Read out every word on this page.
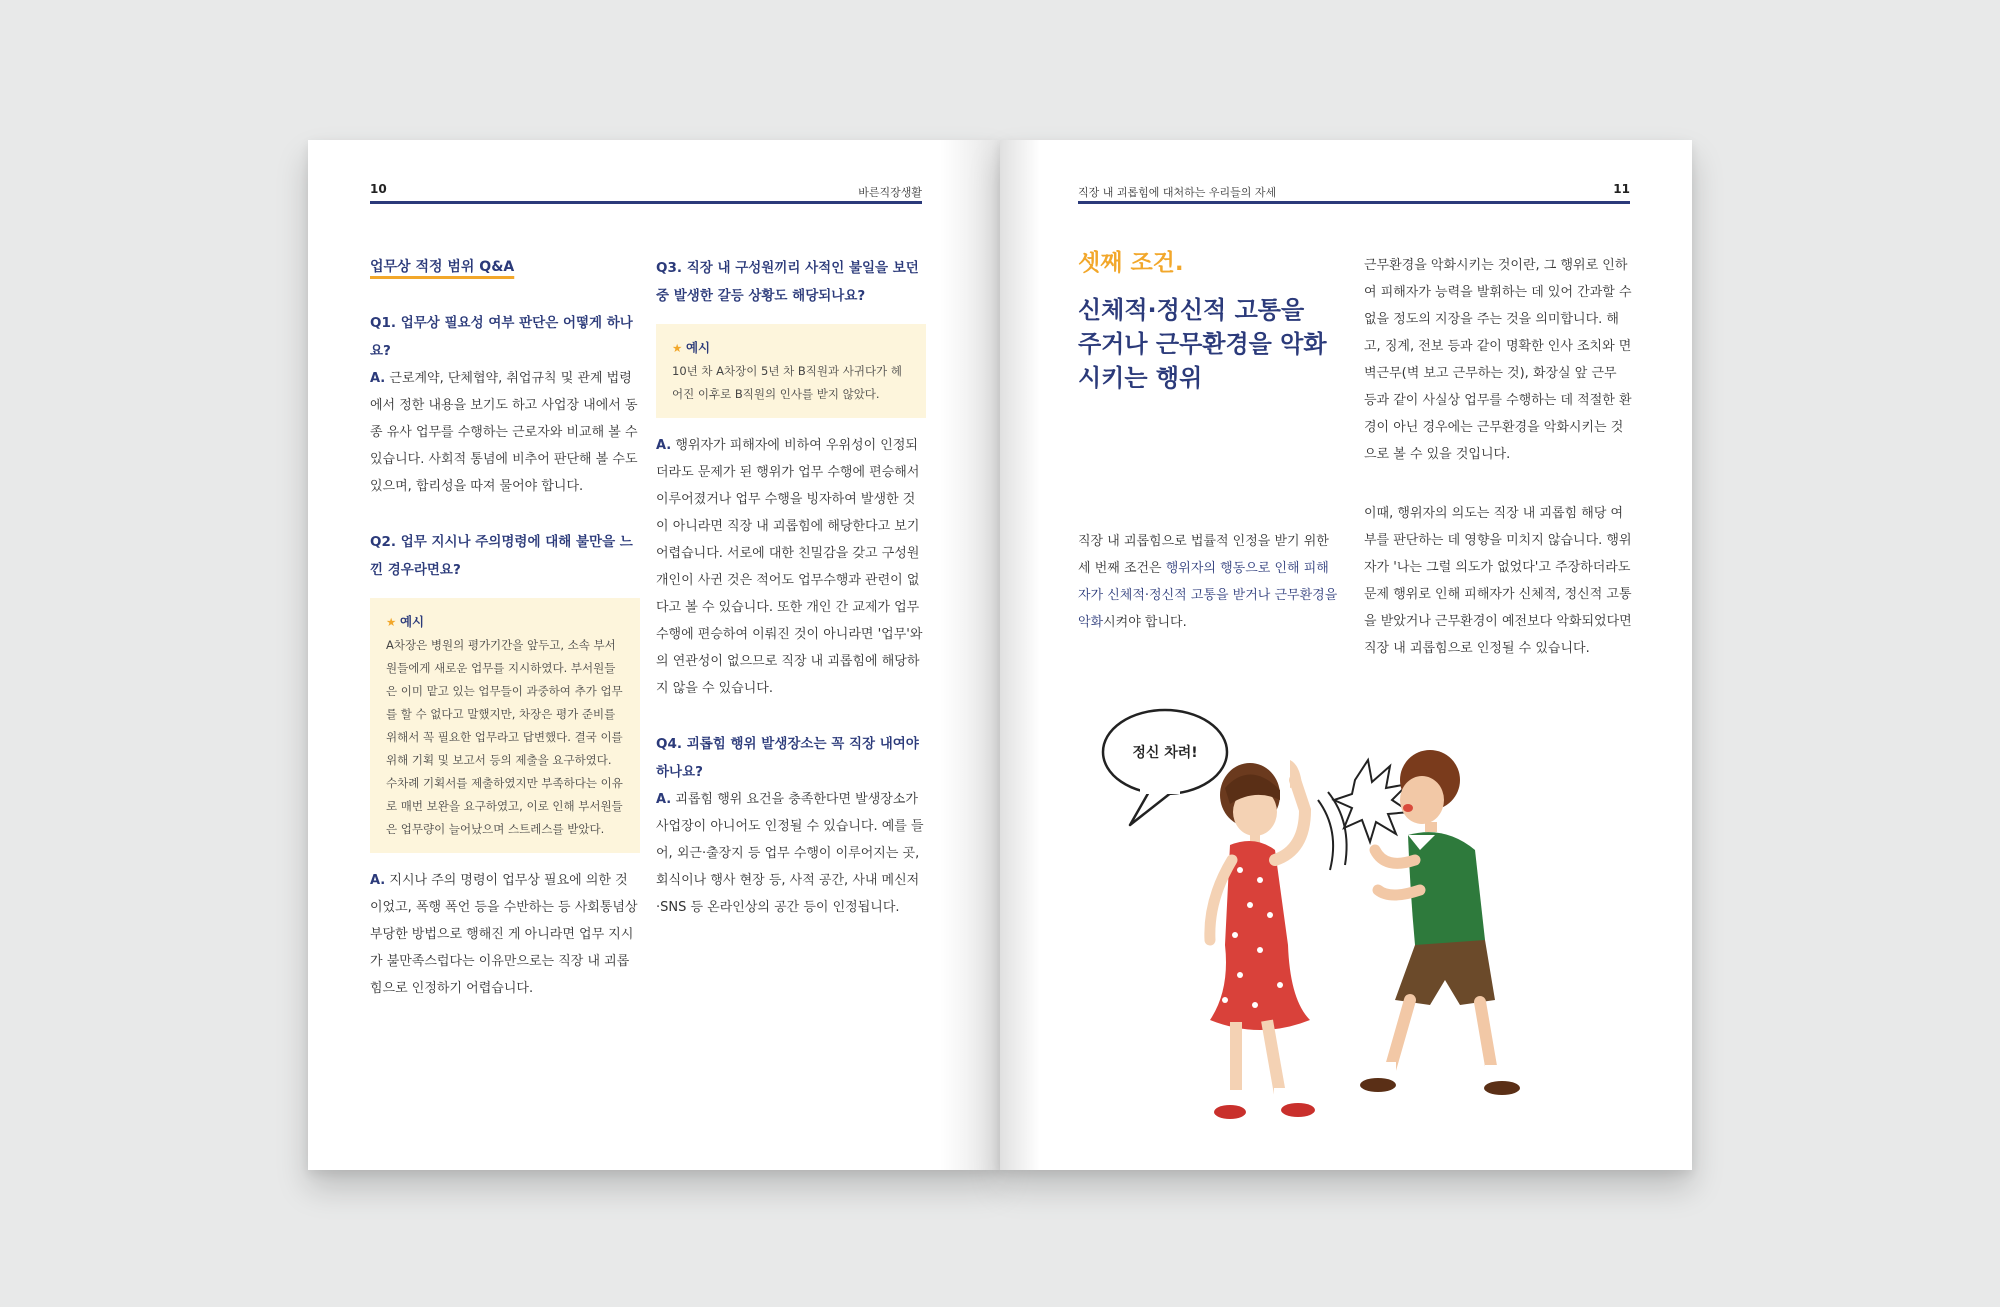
10	바른직장생활
업무상 적정 범위 Q&A
Q1. 업무상 필요성 여부 판단은 어떻게 하나요?
A. 근로계약, 단체협약, 취업규칙 및 관계 법령에서 정한 내용을 보기도 하고 사업장 내에서 동종 유사 업무를 수행하는 근로자와 비교해 볼 수 있습니다. 사회적 통념에 비추어 판단해 볼 수도 있으며, 합리성을 따져 물어야 합니다.
Q2. 업무 지시나 주의명령에 대해 불만을 느낀 경우라면요?
★ 예시
A차장은 병원의 평가기간을 앞두고, 소속 부서원들에게 새로운 업무를 지시하였다. 부서원들은 이미 맡고 있는 업무들이 과중하여 추가 업무를 할 수 없다고 말했지만, 차장은 평가 준비를 위해서 꼭 필요한 업무라고 답변했다. 결국 이를 위해 기획 및 보고서 등의 제출을 요구하였다. 수차례 기획서를 제출하였지만 부족하다는 이유로 매번 보완을 요구하였고, 이로 인해 부서원들은 업무량이 늘어났으며 스트레스를 받았다.
A. 지시나 주의 명령이 업무상 필요에 의한 것이었고, 폭행 폭언 등을 수반하는 등 사회통념상 부당한 방법으로 행해진 게 아니라면 업무 지시가 불만족스럽다는 이유만으로는 직장 내 괴롭힘으로 인정하기 어렵습니다.
Q3. 직장 내 구성원끼리 사적인 불일을 보던 중 발생한 갈등 상황도 해당되나요?
★ 예시
10년 차 A차장이 5년 차 B직원과 사귀다가 헤어진 이후로 B직원의 인사를 받지 않았다.
A. 행위자가 피해자에 비하여 우위성이 인정되더라도 문제가 된 행위가 업무 수행에 편승해서 이루어졌거나 업무 수행을 빙자하여 발생한 것이 아니라면 직장 내 괴롭힘에 해당한다고 보기 어렵습니다. 서로에 대한 친밀감을 갖고 구성원 개인이 사귄 것은 적어도 업무수행과 관련이 없다고 볼 수 있습니다. 또한 개인 간 교제가 업무 수행에 편승하여 이뤄진 것이 아니라면 '업무'와의 연관성이 없으므로 직장 내 괴롭힘에 해당하지 않을 수 있습니다.
Q4. 괴롭힘 행위 발생장소는 꼭 직장 내여야 하나요?
A. 괴롭힘 행위 요건을 충족한다면 발생장소가 사업장이 아니어도 인정될 수 있습니다. 예를 들어, 외근·출장지 등 업무 수행이 이루어지는 곳, 회식이나 행사 현장 등, 사적 공간, 사내 메신저·SNS 등 온라인상의 공간 등이 인정됩니다.
직장 내 괴롭힘에 대처하는 우리들의 자세	11
셋째 조건.
신체적·정신적 고통을 주거나 근무환경을 악화시키는 행위
직장 내 괴롭힘으로 법률적 인정을 받기 위한 세 번째 조건은 행위자의 행동으로 인해 피해자가 신체적·정신적 고통을 받거나 근무환경을 악화시켜야 합니다.
근무환경을 악화시키는 것이란, 그 행위로 인하여 피해자가 능력을 발휘하는 데 있어 간과할 수 없을 정도의 지장을 주는 것을 의미합니다. 해고, 징계, 전보 등과 같이 명확한 인사 조치와 면벽근무(벽 보고 근무하는 것), 화장실 앞 근무 등과 같이 사실상 업무를 수행하는 데 적절한 환경이 아닌 경우에는 근무환경을 악화시키는 것으로 볼 수 있을 것입니다.
이때, 행위자의 의도는 직장 내 괴롭힘 해당 여부를 판단하는 데 영향을 미치지 않습니다. 행위자가 '나는 그럴 의도가 없었다'고 주장하더라도 문제 행위로 인해 피해자가 신체적, 정신적 고통을 받았거나 근무환경이 예전보다 악화되었다면 직장 내 괴롭힘으로 인정될 수 있습니다.
정신 차려!
